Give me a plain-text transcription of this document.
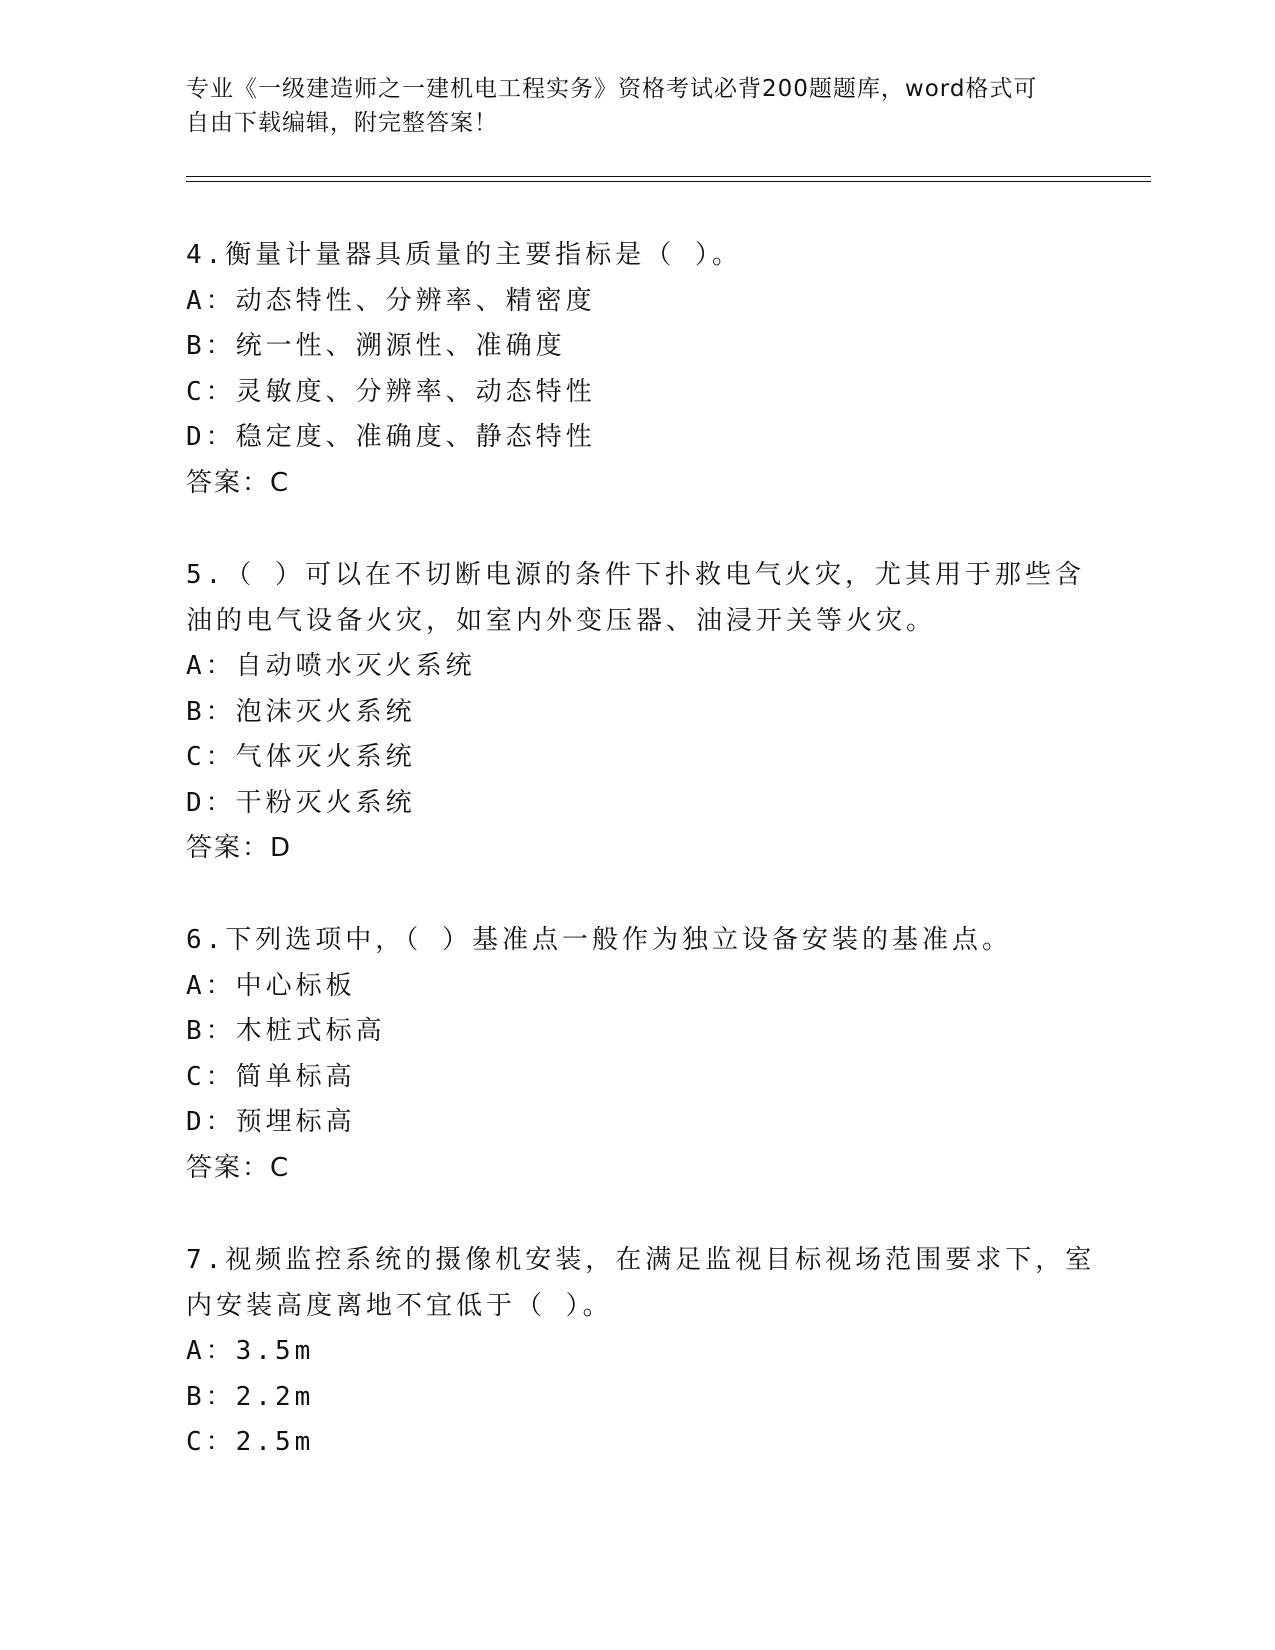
专业《一级建造师之一建机电工程实务》资格考试必背200题题库，word格式可
自由下载编辑，附完整答案！
4.衡量计量器具质量的主要指标是（ ）。
A：动态特性、分辨率、精密度
B：统一性、溯源性、准确度
C：灵敏度、分辨率、动态特性
D：稳定度、准确度、静态特性
答案：C
5.（ ）可以在不切断电源的条件下扑救电气火灾，尤其用于那些含
油的电气设备火灾，如室内外变压器、油浸开关等火灾。
A：自动喷水灭火系统
B：泡沫灭火系统
C：气体灭火系统
D：干粉灭火系统
答案：D
6.下列选项中，（ ）基准点一般作为独立设备安装的基准点。
A：中心标板
B：木桩式标高
C：简单标高
D：预埋标高
答案：C
7.视频监控系统的摄像机安装，在满足监视目标视场范围要求下，室
内安装高度离地不宜低于（ ）。
A：3.5m
B：2.2m
C：2.5m
